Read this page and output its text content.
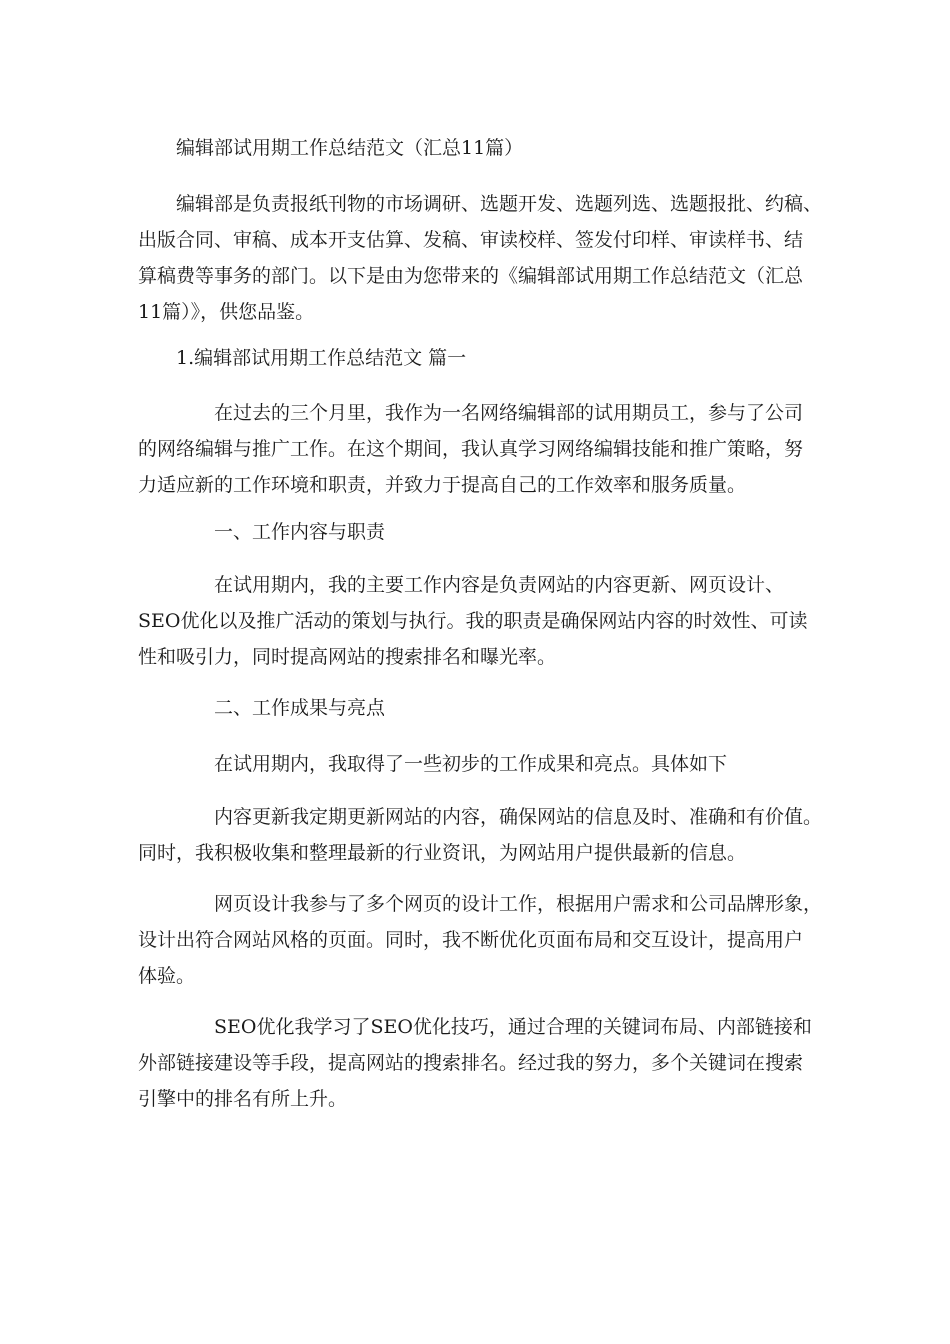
编辑部试用期工作总结范文（汇总11篇）

编辑部是负责报纸刊物的市场调研、选题开发、选题列选、选题报批、约稿、
出版合同、审稿、成本开支估算、发稿、审读校样、签发付印样、审读样书、结
算稿费等事务的部门。以下是由为您带来的《编辑部试用期工作总结范文（汇总
11篇）》，供您品鉴。

1.编辑部试用期工作总结范文 篇一

在过去的三个月里，我作为一名网络编辑部的试用期员工，参与了公司
的网络编辑与推广工作。在这个期间，我认真学习网络编辑技能和推广策略，努
力适应新的工作环境和职责，并致力于提高自己的工作效率和服务质量。

一、工作内容与职责

在试用期内，我的主要工作内容是负责网站的内容更新、网页设计、
SEO优化以及推广活动的策划与执行。我的职责是确保网站内容的时效性、可读
性和吸引力，同时提高网站的搜索排名和曝光率。

二、工作成果与亮点

在试用期内，我取得了一些初步的工作成果和亮点。具体如下

内容更新我定期更新网站的内容，确保网站的信息及时、准确和有价值。
同时，我积极收集和整理最新的行业资讯，为网站用户提供最新的信息。
网页设计我参与了多个网页的设计工作，根据用户需求和公司品牌形象，
设计出符合网站风格的页面。同时，我不断优化页面布局和交互设计，提高用户
体验。
SEO优化我学习了SEO优化技巧，通过合理的关键词布局、内部链接和
外部链接建设等手段，提高网站的搜索排名。经过我的努力，多个关键词在搜索
引擎中的排名有所上升。
